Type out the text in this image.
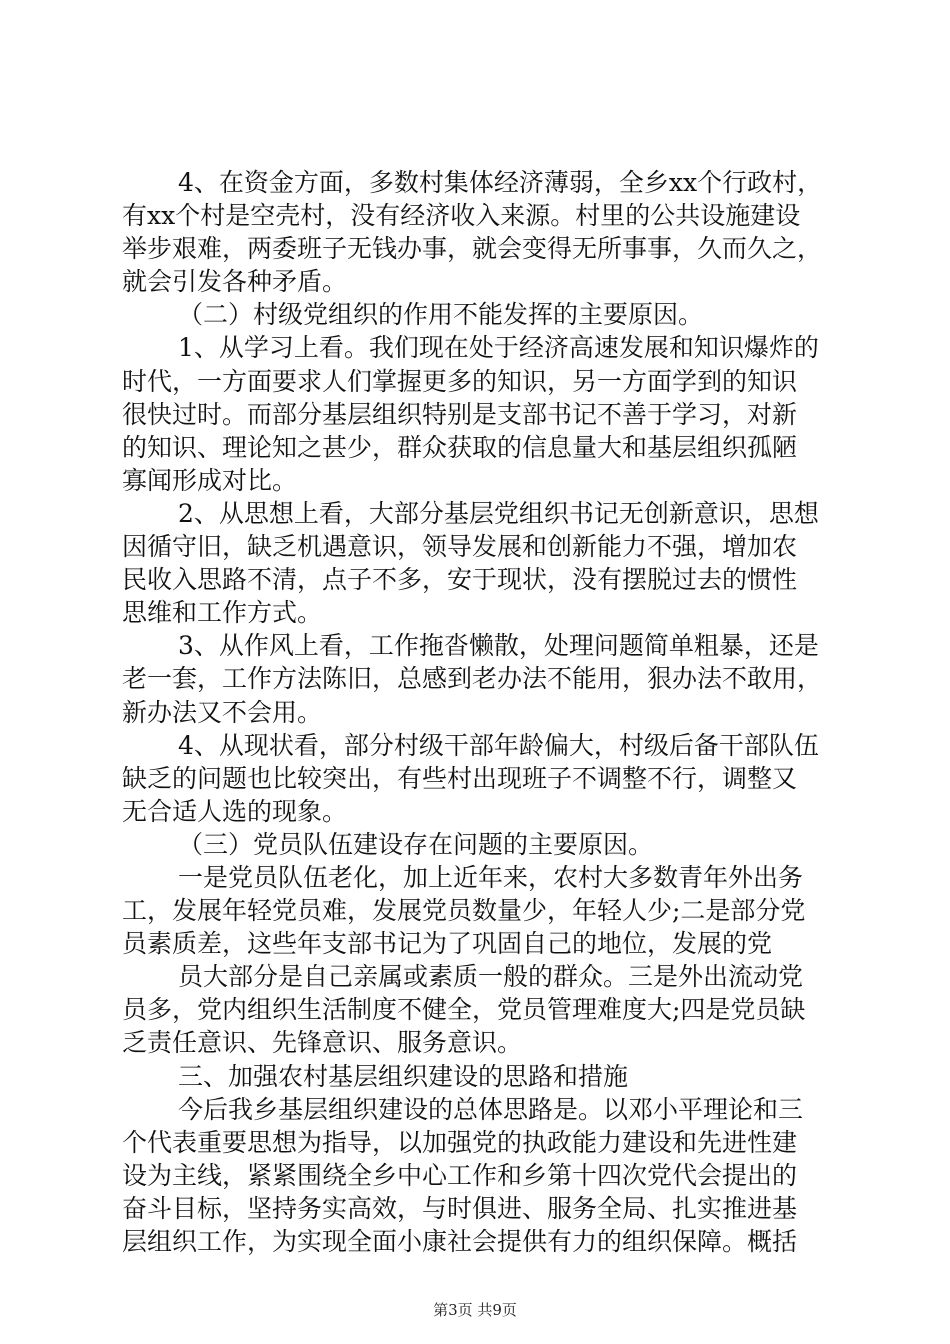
4、在资金方面，多数村集体经济薄弱，全乡xx个行政村，
有xx个村是空壳村，没有经济收入来源。村里的公共设施建设
举步艰难，两委班子无钱办事，就会变得无所事事，久而久之，
就会引发各种矛盾。
（二）村级党组织的作用不能发挥的主要原因。
1、从学习上看。我们现在处于经济高速发展和知识爆炸的
时代，一方面要求人们掌握更多的知识，另一方面学到的知识
很快过时。而部分基层组织特别是支部书记不善于学习，对新
的知识、理论知之甚少，群众获取的信息量大和基层组织孤陋
寡闻形成对比。
2、从思想上看，大部分基层党组织书记无创新意识，思想
因循守旧，缺乏机遇意识，领导发展和创新能力不强，增加农
民收入思路不清，点子不多，安于现状，没有摆脱过去的惯性
思维和工作方式。
3、从作风上看，工作拖沓懒散，处理问题简单粗暴，还是
老一套，工作方法陈旧，总感到老办法不能用，狠办法不敢用，
新办法又不会用。
4、从现状看，部分村级干部年龄偏大，村级后备干部队伍
缺乏的问题也比较突出，有些村出现班子不调整不行，调整又
无合适人选的现象。
（三）党员队伍建设存在问题的主要原因。
一是党员队伍老化，加上近年来，农村大多数青年外出务
工，发展年轻党员难，发展党员数量少，年轻人少;二是部分党
员素质差，这些年支部书记为了巩固自己的地位，发展的党
员大部分是自己亲属或素质一般的群众。三是外出流动党
员多，党内组织生活制度不健全，党员管理难度大;四是党员缺
乏责任意识、先锋意识、服务意识。
三、加强农村基层组织建设的思路和措施
今后我乡基层组织建设的总体思路是。以邓小平理论和三
个代表重要思想为指导，以加强党的执政能力建设和先进性建
设为主线，紧紧围绕全乡中心工作和乡第十四次党代会提出的
奋斗目标，坚持务实高效，与时俱进、服务全局、扎实推进基
层组织工作，为实现全面小康社会提供有力的组织保障。概括
第3页 共9页
